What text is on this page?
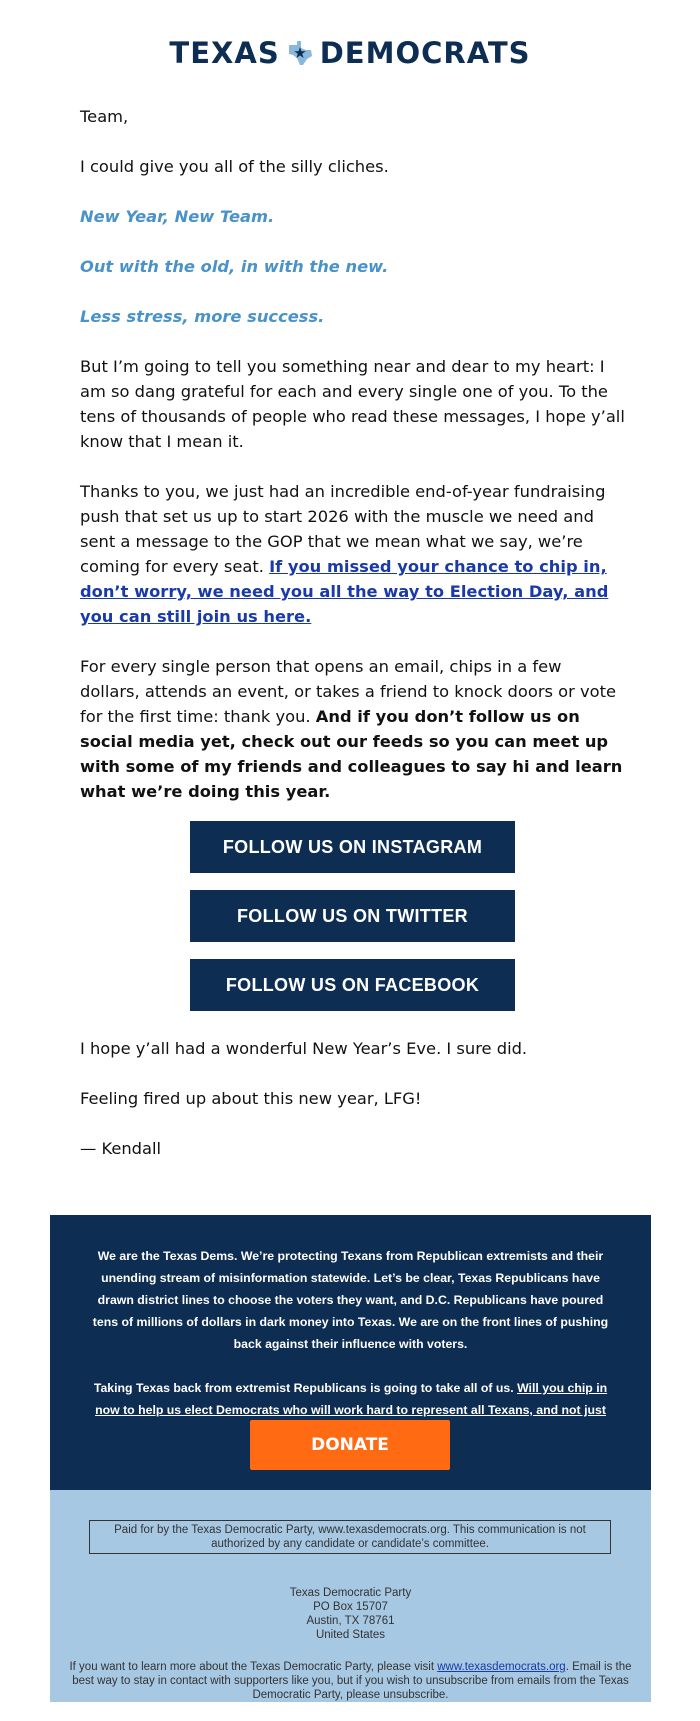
TEXAS DEMOCRATS

Team,

I could give you all of the silly cliches.

New Year, New Team.

Out with the old, in with the new.

Less stress, more success.

But I’m going to tell you something near and dear to my heart: I am so dang grateful for each and every single one of you. To the tens of thousands of people who read these messages, I hope y’all know that I mean it.

Thanks to you, we just had an incredible end-of-year fundraising push that set us up to start 2026 with the muscle we need and sent a message to the GOP that we mean what we say, we’re coming for every seat. If you missed your chance to chip in, don’t worry, we need you all the way to Election Day, and you can still join us here.

For every single person that opens an email, chips in a few dollars, attends an event, or takes a friend to knock doors or vote for the first time: thank you. And if you don’t follow us on social media yet, check out our feeds so you can meet up with some of my friends and colleagues to say hi and learn what we’re doing this year.

FOLLOW US ON INSTAGRAM
FOLLOW US ON TWITTER
FOLLOW US ON FACEBOOK

I hope y’all had a wonderful New Year’s Eve. I sure did.

Feeling fired up about this new year, LFG!

— Kendall

We are the Texas Dems. We’re protecting Texans from Republican extremists and their unending stream of misinformation statewide. Let’s be clear, Texas Republicans have drawn district lines to choose the voters they want, and D.C. Republicans have poured tens of millions of dollars in dark money into Texas. We are on the front lines of pushing back against their influence with voters.

Taking Texas back from extremist Republicans is going to take all of us. Will you chip in now to help us elect Democrats who will work hard to represent all Texans, and not just

DONATE
Paid for by the Texas Democratic Party, www.texasdemocrats.org. This communication is not authorized by any candidate or candidate’s committee.
Texas Democratic Party
PO Box 15707
Austin, TX 78761
United States
If you want to learn more about the Texas Democratic Party, please visit www.texasdemocrats.org. Email is the best way to stay in contact with supporters like you, but if you wish to unsubscribe from emails from the Texas Democratic Party, please unsubscribe.
